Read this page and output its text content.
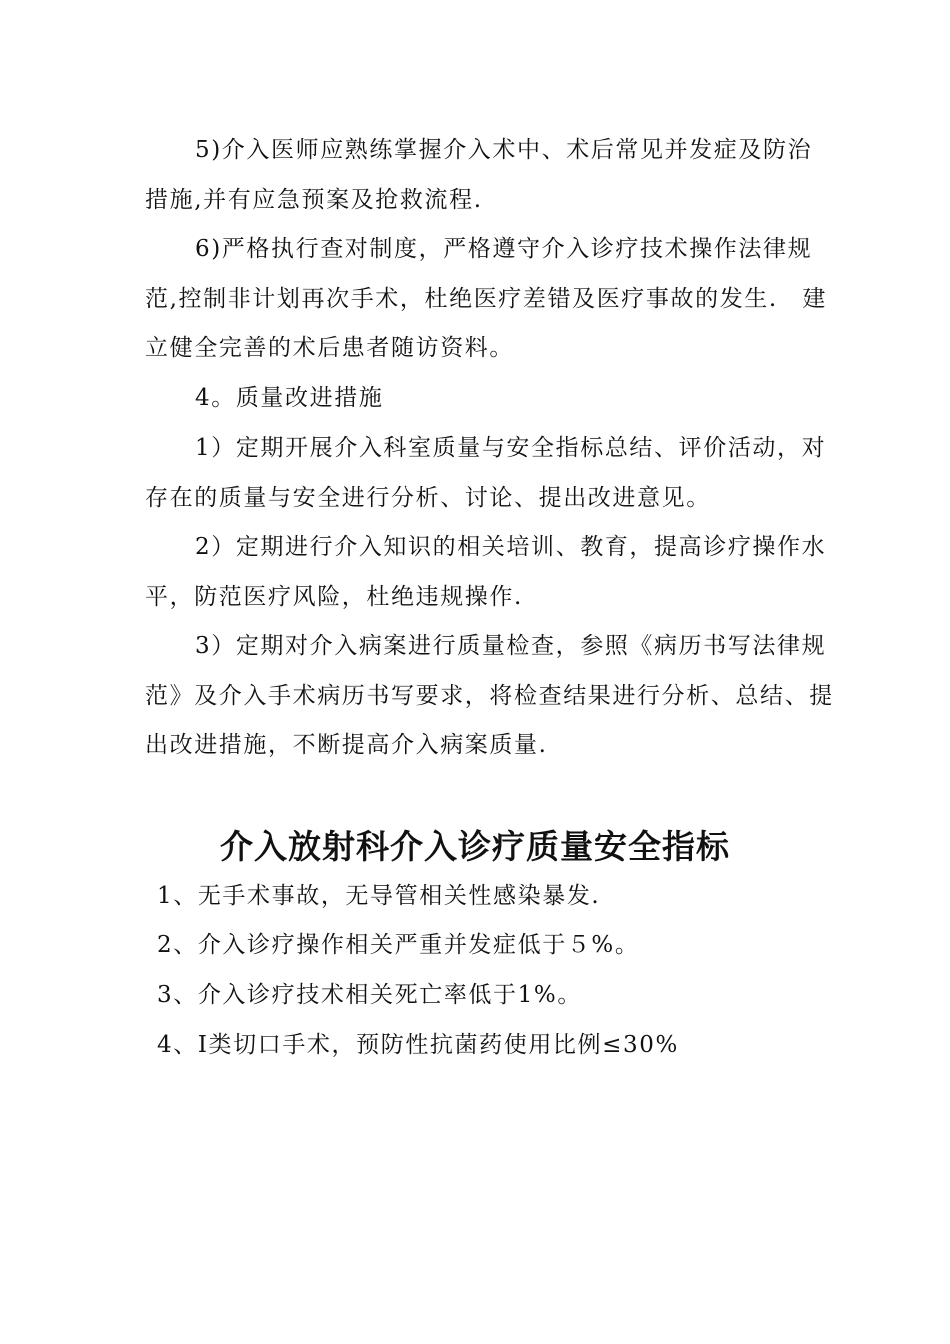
5)介入医师应熟练掌握介入术中、术后常见并发症及防治措施,并有应急预案及抢救流程.

6)严格执行查对制度，严格遵守介入诊疗技术操作法律规范,控制非计划再次手术，杜绝医疗差错及医疗事故的发生.　建立健全完善的术后患者随访资料。

4。质量改进措施

1）定期开展介入科室质量与安全指标总结、评价活动，对存在的质量与安全进行分析、讨论、提出改进意见。

2）定期进行介入知识的相关培训、教育，提高诊疗操作水平，防范医疗风险，杜绝违规操作.

3）定期对介入病案进行质量检查，参照《病历书写法律规范》及介入手术病历书写要求，将检查结果进行分析、总结、提出改进措施，不断提高介入病案质量.

介入放射科介入诊疗质量安全指标

1、无手术事故，无导管相关性感染暴发.

2、介入诊疗操作相关严重并发症低于５%。

3、介入诊疗技术相关死亡率低于1%。

4、Ⅰ类切口手术，预防性抗菌药使用比例≤30%
